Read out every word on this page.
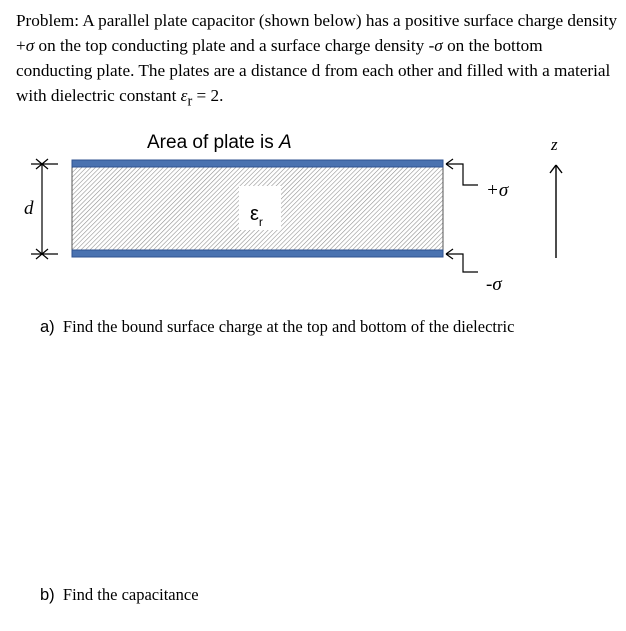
Problem: A parallel plate capacitor (shown below) has a positive surface charge density +σ on the top conducting plate and a surface charge density -σ on the bottom conducting plate. The plates are a distance d from each other and filled with a material with dielectric constant $\varepsilon_r = 2$.
Area of plate is A
$\varepsilon_r$
d
+σ
-σ
z
a) Find the bound surface charge at the top and bottom of the dielectric
b) Find the capacitance
